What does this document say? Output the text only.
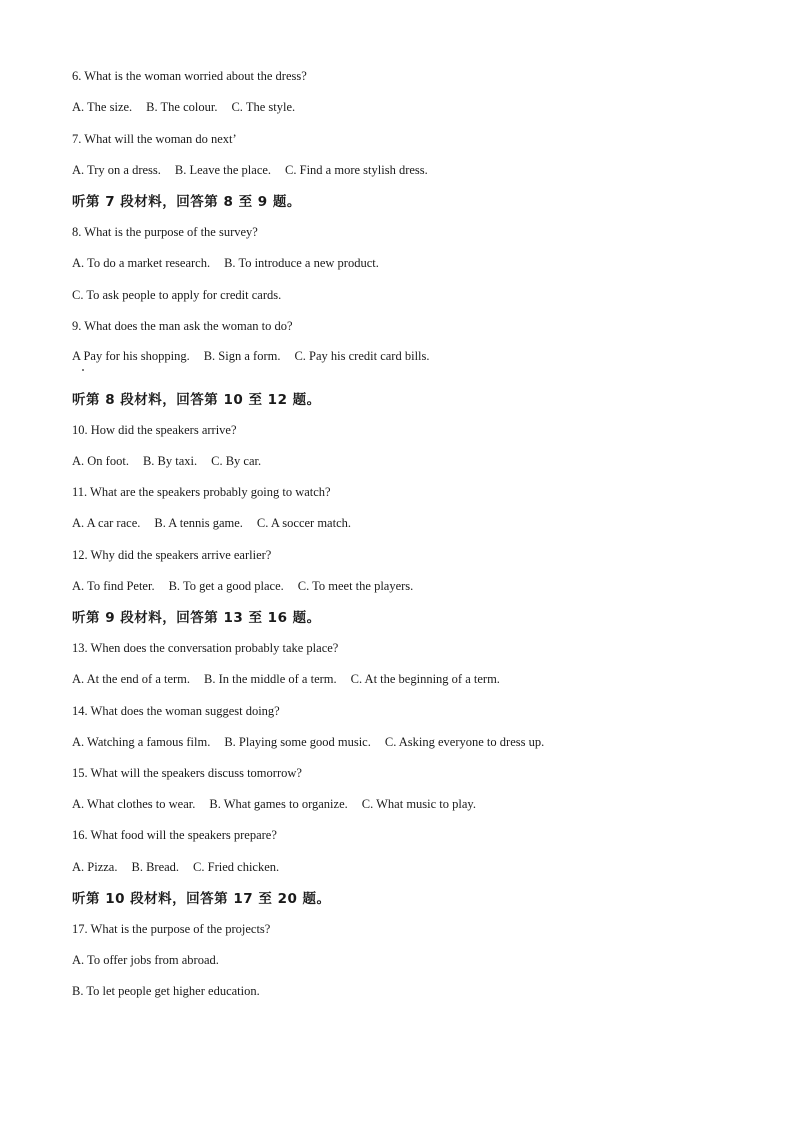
6. What is the woman worried about the dress?
A. The size. B. The colour. C. The style.
7. What will the woman do next’
A. Try on a dress. B. Leave the place. C. Find a more stylish dress.
听第 7 段材料，回答第 8 至 9 题。
8. What is the purpose of the survey?
A. To do a market research. B. To introduce a new product.
C. To ask people to apply for credit cards.
9. What does the man ask the woman to do?
A Pay for his shopping. B. Sign a form. C. Pay his credit card bills.
听第 8 段材料，回答第 10 至 12 题。
10. How did the speakers arrive?
A. On foot. B. By taxi. C. By car.
11. What are the speakers probably going to watch?
A. A car race. B. A tennis game. C. A soccer match.
12. Why did the speakers arrive earlier?
A. To find Peter. B. To get a good place. C. To meet the players.
听第 9 段材料，回答第 13 至 16 题。
13. When does the conversation probably take place?
A. At the end of a term. B. In the middle of a term. C. At the beginning of a term.
14. What does the woman suggest doing?
A. Watching a famous film. B. Playing some good music. C. Asking everyone to dress up.
15. What will the speakers discuss tomorrow?
A. What clothes to wear. B. What games to organize. C. What music to play.
16. What food will the speakers prepare?
A. Pizza. B. Bread. C. Fried chicken.
听第 10 段材料，回答第 17 至 20 题。
17. What is the purpose of the projects?
A. To offer jobs from abroad.
B. To let people get higher education.
